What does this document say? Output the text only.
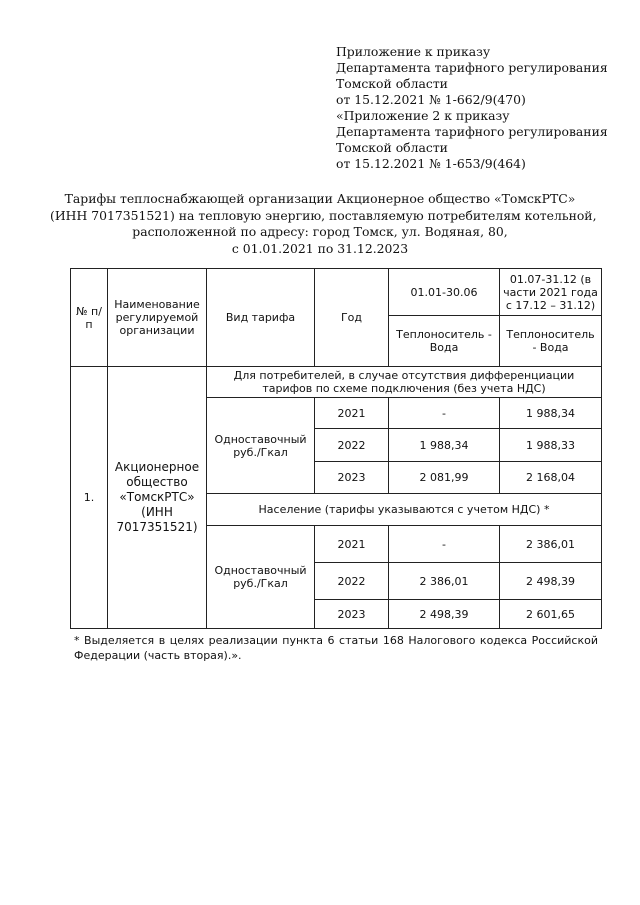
Приложение к приказу
Департамента тарифного регулирования
Томской области
от 15.12.2021 № 1-662/9(470)
«Приложение 2 к приказу
Департамента тарифного регулирования
Томской области
от 15.12.2021 № 1-653/9(464)
Тарифы теплоснабжающей организации Акционерное общество «ТомскРТС»
(ИНН 7017351521) на тепловую энергию, поставляемую потребителям котельной,
расположенной по адресу: город Томск, ул. Водяная, 80,
с 01.01.2021 по 31.12.2023
№ п/п	Наименование регулируемой организации	Вид тарифа	Год	01.01-30.06	01.07-31.12 (в части 2021 года с 17.12 – 31.12)
				Теплоноситель - Вода	Теплоноситель - Вода
1.	Акционерное общество «ТомскРТС» (ИНН 7017351521)	Для потребителей, в случае отсутствия дифференциации тарифов по схеме подключения (без учета НДС)			
		Одноставочный руб./Гкал	2021	-	1 988,34
			2022	1 988,34	1 988,33
			2023	2 081,99	2 168,04
		Население (тарифы указываются с учетом НДС) *			
		Одноставочный руб./Гкал	2021	-	2 386,01
			2022	2 386,01	2 498,39
			2023	2 498,39	2 601,65
* Выделяется в целях реализации пункта 6 статьи 168 Налогового кодекса Российской Федерации (часть вторая).».
